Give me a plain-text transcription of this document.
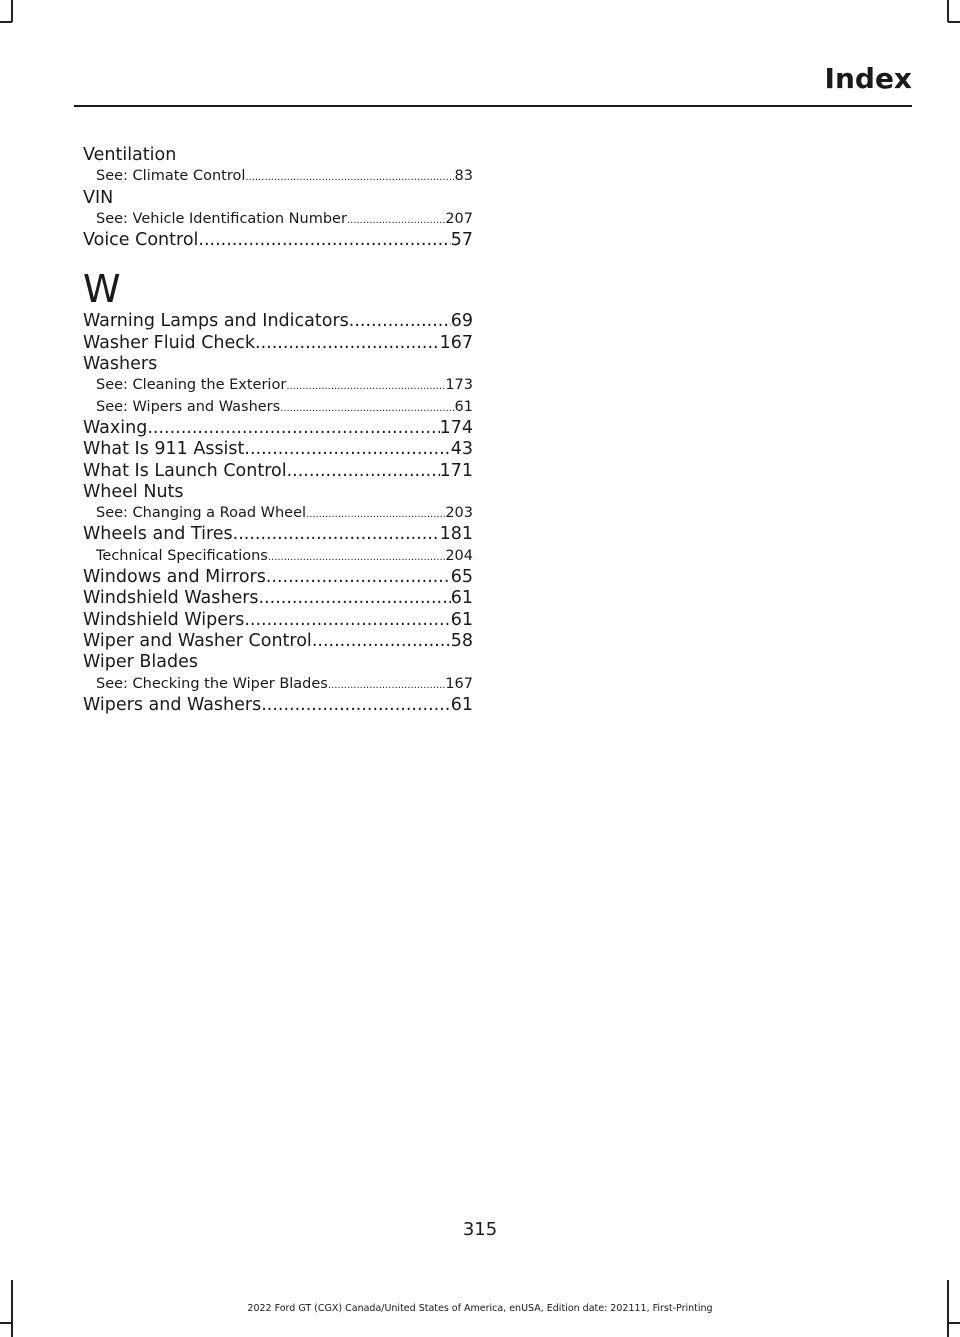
Index
Ventilation
See: Climate Control .....	83
VIN
See: Vehicle Identification Number .....	207
Voice Control .....	57
W
Warning Lamps and Indicators .....	69
Washer Fluid Check .....	167
Washers
See: Cleaning the Exterior .....	173
See: Wipers and Washers .....	61
Waxing .....	174
What Is 911 Assist .....	43
What Is Launch Control .....	171
Wheel Nuts
See: Changing a Road Wheel .....	203
Wheels and Tires .....	181
Technical Specifications .....	204
Windows and Mirrors .....	65
Windshield Washers .....	61
Windshield Wipers .....	61
Wiper and Washer Control .....	58
Wiper Blades
See: Checking the Wiper Blades .....	167
Wipers and Washers .....	61
315
2022 Ford GT (CGX) Canada/United States of America, enUSA, Edition date: 202111, First-Printing
